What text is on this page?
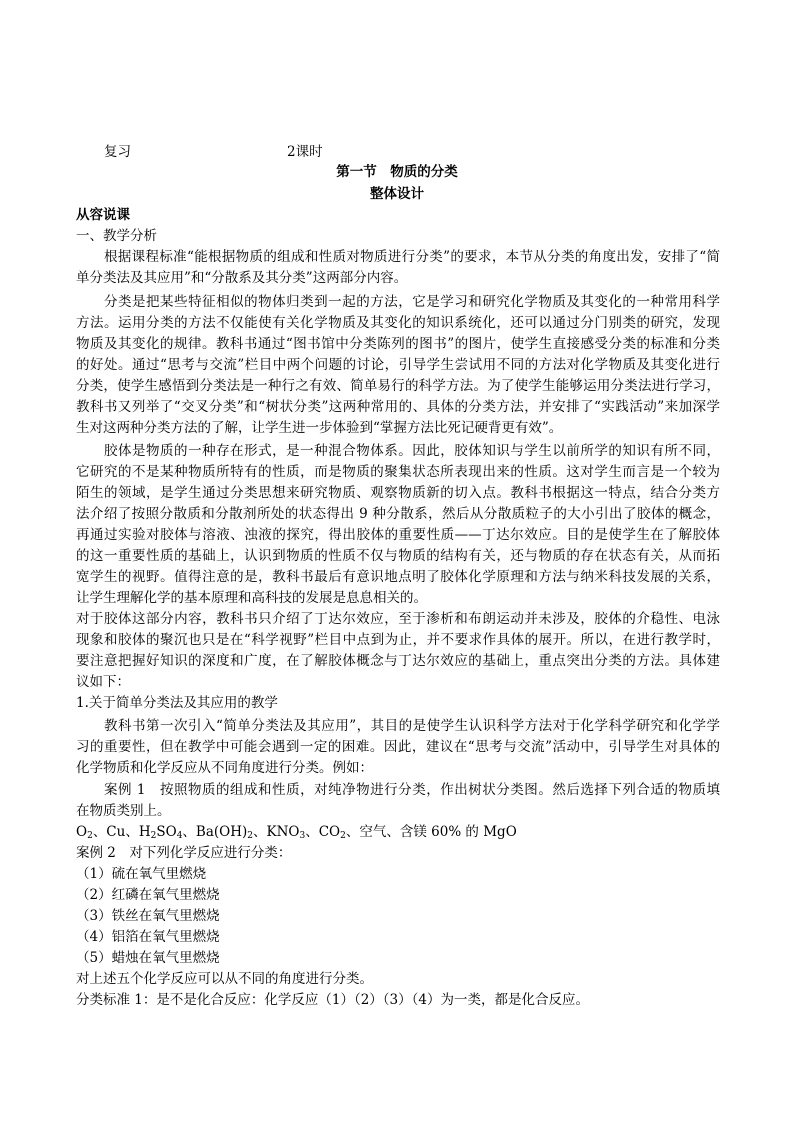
复习	2课时
第一节　物质的分类
整体设计
从容说课
一、教学分析
根据课程标准“能根据物质的组成和性质对物质进行分类”的要求，本节从分类的角度出发，安排了“简
单分类法及其应用”和“分散系及其分类”这两部分内容。
分类是把某些特征相似的物体归类到一起的方法，它是学习和研究化学物质及其变化的一种常用科学
方法。运用分类的方法不仅能使有关化学物质及其变化的知识系统化，还可以通过分门别类的研究，发现
物质及其变化的规律。教科书通过“图书馆中分类陈列的图书”的图片，使学生直接感受分类的标准和分类
的好处。通过“思考与交流”栏目中两个问题的讨论，引导学生尝试用不同的方法对化学物质及其变化进行
分类，使学生感悟到分类法是一种行之有效、简单易行的科学方法。为了使学生能够运用分类法进行学习，
教科书又列举了“交叉分类”和“树状分类”这两种常用的、具体的分类方法，并安排了“实践活动”来加深学
生对这两种分类方法的了解，让学生进一步体验到“掌握方法比死记硬背更有效”。
胶体是物质的一种存在形式，是一种混合物体系。因此，胶体知识与学生以前所学的知识有所不同，
它研究的不是某种物质所特有的性质，而是物质的聚集状态所表现出来的性质。这对学生而言是一个较为
陌生的领域，是学生通过分类思想来研究物质、观察物质新的切入点。教科书根据这一特点，结合分类方
法介绍了按照分散质和分散剂所处的状态得出 9 种分散系，然后从分散质粒子的大小引出了胶体的概念，
再通过实验对胶体与溶液、浊液的探究，得出胶体的重要性质——丁达尔效应。目的是使学生在了解胶体
的这一重要性质的基础上，认识到物质的性质不仅与物质的结构有关，还与物质的存在状态有关，从而拓
宽学生的视野。值得注意的是，教科书最后有意识地点明了胶体化学原理和方法与纳米科技发展的关系，
让学生理解化学的基本原理和高科技的发展是息息相关的。
对于胶体这部分内容，教科书只介绍了丁达尔效应，至于渗析和布朗运动并未涉及，胶体的介稳性、电泳
现象和胶体的聚沉也只是在“科学视野”栏目中点到为止，并不要求作具体的展开。所以，在进行教学时，
要注意把握好知识的深度和广度，在了解胶体概念与丁达尔效应的基础上，重点突出分类的方法。具体建
议如下：
1.关于简单分类法及其应用的教学
教科书第一次引入“简单分类法及其应用”，其目的是使学生认识科学方法对于化学科学研究和化学学
习的重要性，但在教学中可能会遇到一定的困难。因此，建议在“思考与交流”活动中，引导学生对具体的
化学物质和化学反应从不同角度进行分类。例如：
案例 1　按照物质的组成和性质，对纯净物进行分类，作出树状分类图。然后选择下列合适的物质填
在物质类别上。
$O_2$、Cu、$H_2SO_4$、$Ba(OH)_2$、$KNO_3$、$CO_2$、空气、含镁 60% 的 MgO
案例 2　对下列化学反应进行分类：
（1）硫在氧气里燃烧
（2）红磷在氧气里燃烧
（3）铁丝在氧气里燃烧
（4）铝箔在氧气里燃烧
（5）蜡烛在氧气里燃烧
对上述五个化学反应可以从不同的角度进行分类。
分类标准 1：是不是化合反应：化学反应（1）（2）（3）（4）为一类，都是化合反应。
